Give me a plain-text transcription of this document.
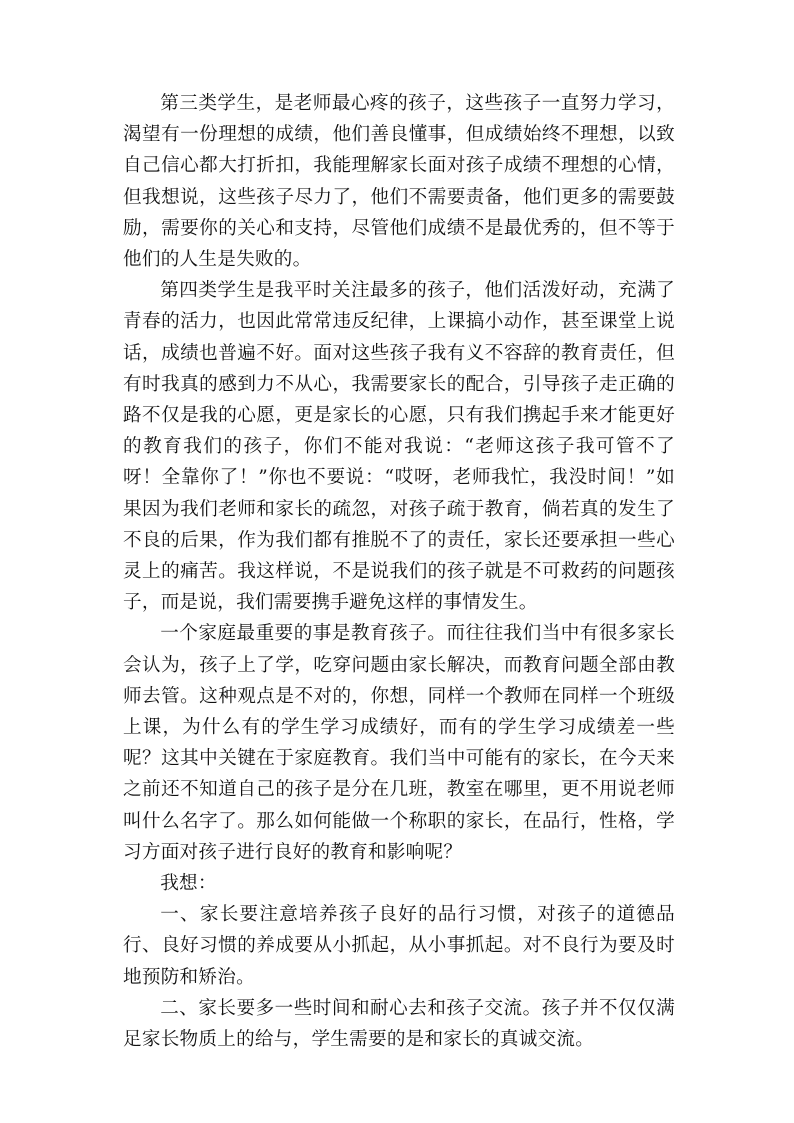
第三类学生，是老师最心疼的孩子，这些孩子一直努力学习，渴望有一份理想的成绩，他们善良懂事，但成绩始终不理想，以致自己信心都大打折扣，我能理解家长面对孩子成绩不理想的心情，但我想说，这些孩子尽力了，他们不需要责备，他们更多的需要鼓励，需要你的关心和支持，尽管他们成绩不是最优秀的，但不等于他们的人生是失败的。

第四类学生是我平时关注最多的孩子，他们活泼好动，充满了青春的活力，也因此常常违反纪律，上课搞小动作，甚至课堂上说话，成绩也普遍不好。面对这些孩子我有义不容辞的教育责任，但有时我真的感到力不从心，我需要家长的配合，引导孩子走正确的路不仅是我的心愿，更是家长的心愿，只有我们携起手来才能更好的教育我们的孩子，你们不能对我说：“老师这孩子我可管不了呀！全靠你了！”你也不要说：“哎呀，老师我忙，我没时间！”如果因为我们老师和家长的疏忽，对孩子疏于教育，倘若真的发生了不良的后果，作为我们都有推脱不了的责任，家长还要承担一些心灵上的痛苦。我这样说，不是说我们的孩子就是不可救药的问题孩子，而是说，我们需要携手避免这样的事情发生。

一个家庭最重要的事是教育孩子。而往往我们当中有很多家长会认为，孩子上了学，吃穿问题由家长解决，而教育问题全部由教师去管。这种观点是不对的，你想，同样一个教师在同样一个班级上课，为什么有的学生学习成绩好，而有的学生学习成绩差一些呢？这其中关键在于家庭教育。我们当中可能有的家长，在今天来之前还不知道自己的孩子是分在几班，教室在哪里，更不用说老师叫什么名字了。那么如何能做一个称职的家长，在品行，性格，学习方面对孩子进行良好的教育和影响呢？

我想：

一、家长要注意培养孩子良好的品行习惯，对孩子的道德品行、良好习惯的养成要从小抓起，从小事抓起。对不良行为要及时地预防和矫治。

二、家长要多一些时间和耐心去和孩子交流。孩子并不仅仅满足家长物质上的给与，学生需要的是和家长的真诚交流。
